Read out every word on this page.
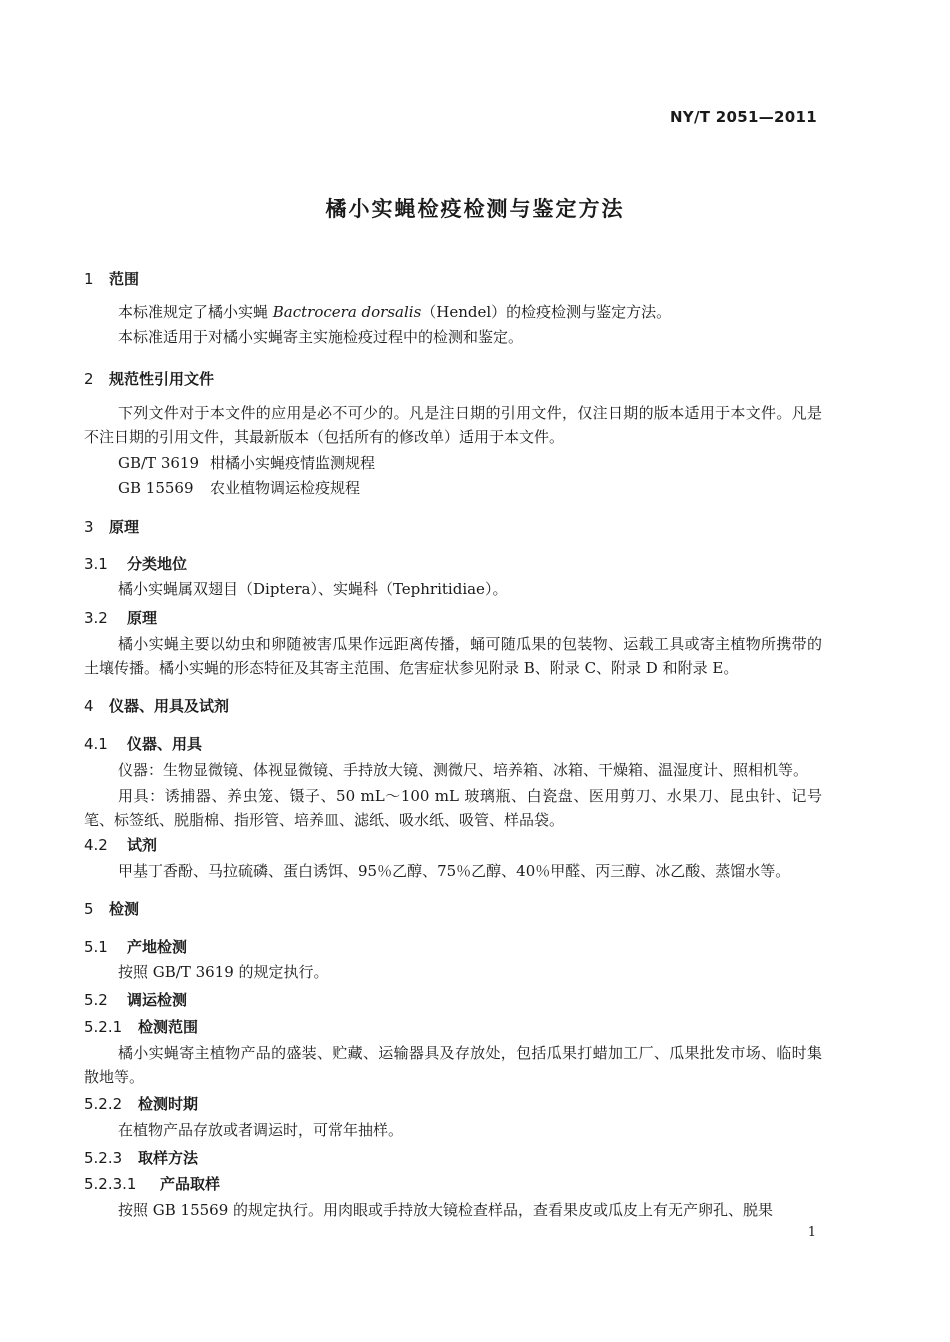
NY/T 2051—2011
橘小实蝇检疫检测与鉴定方法
1 范围
本标准规定了橘小实蝇 Bactrocera dorsalis（Hendel）的检疫检测与鉴定方法。
本标准适用于对橘小实蝇寄主实施检疫过程中的检测和鉴定。
2 规范性引用文件
下列文件对于本文件的应用是必不可少的。凡是注日期的引用文件，仅注日期的版本适用于本文件。凡是不注日期的引用文件，其最新版本（包括所有的修改单）适用于本文件。
GB/T 3619 柑橘小实蝇疫情监测规程
GB 15569 农业植物调运检疫规程
3 原理
3.1 分类地位
橘小实蝇属双翅目（Diptera）、实蝇科（Tephritidiae）。
3.2 原理
橘小实蝇主要以幼虫和卵随被害瓜果作远距离传播，蛹可随瓜果的包装物、运载工具或寄主植物所携带的土壤传播。橘小实蝇的形态特征及其寄主范围、危害症状参见附录 B、附录 C、附录 D 和附录 E。
4 仪器、用具及试剂
4.1 仪器、用具
仪器：生物显微镜、体视显微镜、手持放大镜、测微尺、培养箱、冰箱、干燥箱、温湿度计、照相机等。
用具：诱捕器、养虫笼、镊子、50 mL～100 mL 玻璃瓶、白瓷盘、医用剪刀、水果刀、昆虫针、记号笔、标签纸、脱脂棉、指形管、培养皿、滤纸、吸水纸、吸管、样品袋。
4.2 试剂
甲基丁香酚、马拉硫磷、蛋白诱饵、95％乙醇、75％乙醇、40％甲醛、丙三醇、冰乙酸、蒸馏水等。
5 检测
5.1 产地检测
按照 GB/T 3619 的规定执行。
5.2 调运检测
5.2.1 检测范围
橘小实蝇寄主植物产品的盛装、贮藏、运输器具及存放处，包括瓜果打蜡加工厂、瓜果批发市场、临时集散地等。
5.2.2 检测时期
在植物产品存放或者调运时，可常年抽样。
5.2.3 取样方法
5.2.3.1 产品取样
按照 GB 15569 的规定执行。用肉眼或手持放大镜检查样品，查看果皮或瓜皮上有无产卵孔、脱果
1
